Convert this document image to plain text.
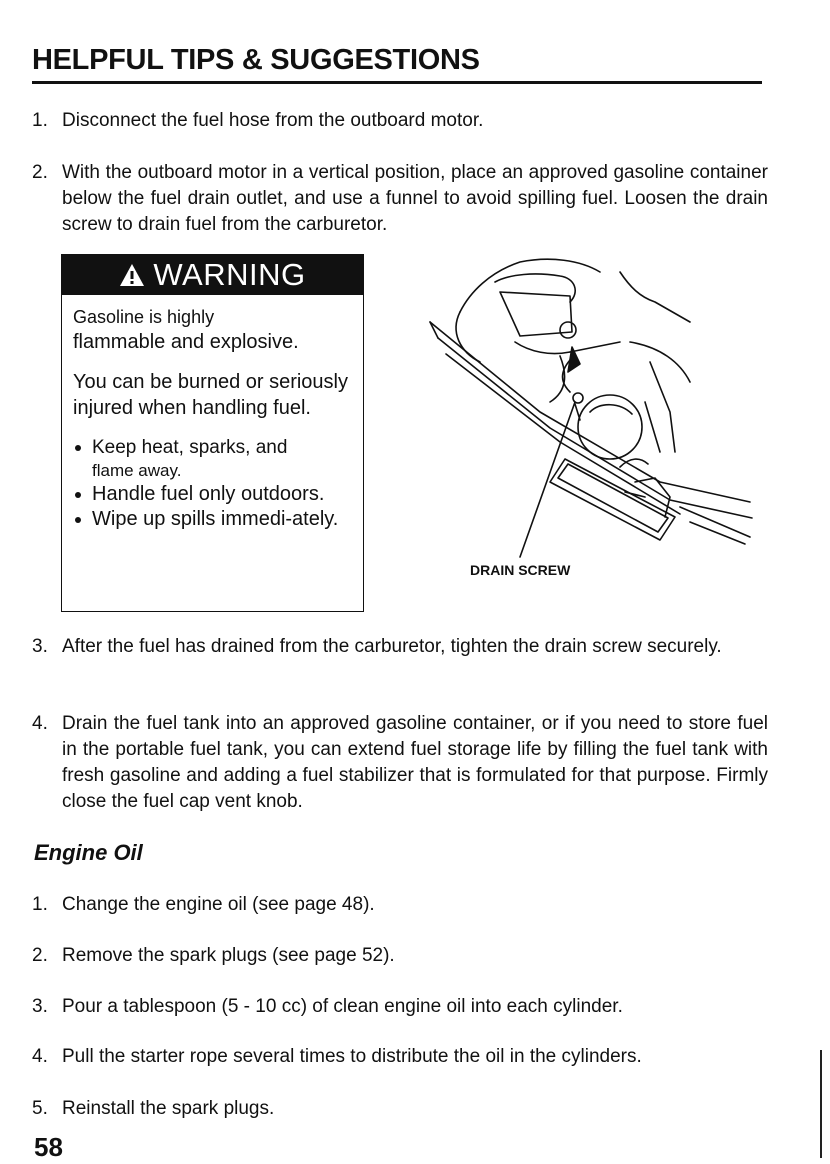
HELPFUL TIPS & SUGGESTIONS
1. Disconnect the fuel hose from the outboard motor.
2. With the outboard motor in a vertical position, place an approved gasoline container below the fuel drain outlet, and use a funnel to avoid spilling fuel. Loosen the drain screw to drain fuel from the carburetor.
WARNING
Gasoline is highly
flammable and explosive.
You can be burned or seriously injured when handling fuel.
Keep heat, sparks, and
flame away.
Handle fuel only outdoors.
Wipe up spills immedi-ately.
DRAIN SCREW
3. After the fuel has drained from the carburetor, tighten the drain screw securely.
4. Drain the fuel tank into an approved gasoline container, or if you need to store fuel in the portable fuel tank, you can extend fuel storage life by filling the fuel tank with fresh gasoline and adding a fuel stabilizer that is formulated for that purpose. Firmly close the fuel cap vent knob.
Engine Oil
1. Change the engine oil (see page 48).
2. Remove the spark plugs (see page 52).
3. Pour a tablespoon (5 - 10 cc) of clean engine oil into each cylinder.
4. Pull the starter rope several times to distribute the oil in the cylinders.
5. Reinstall the spark plugs.
58
